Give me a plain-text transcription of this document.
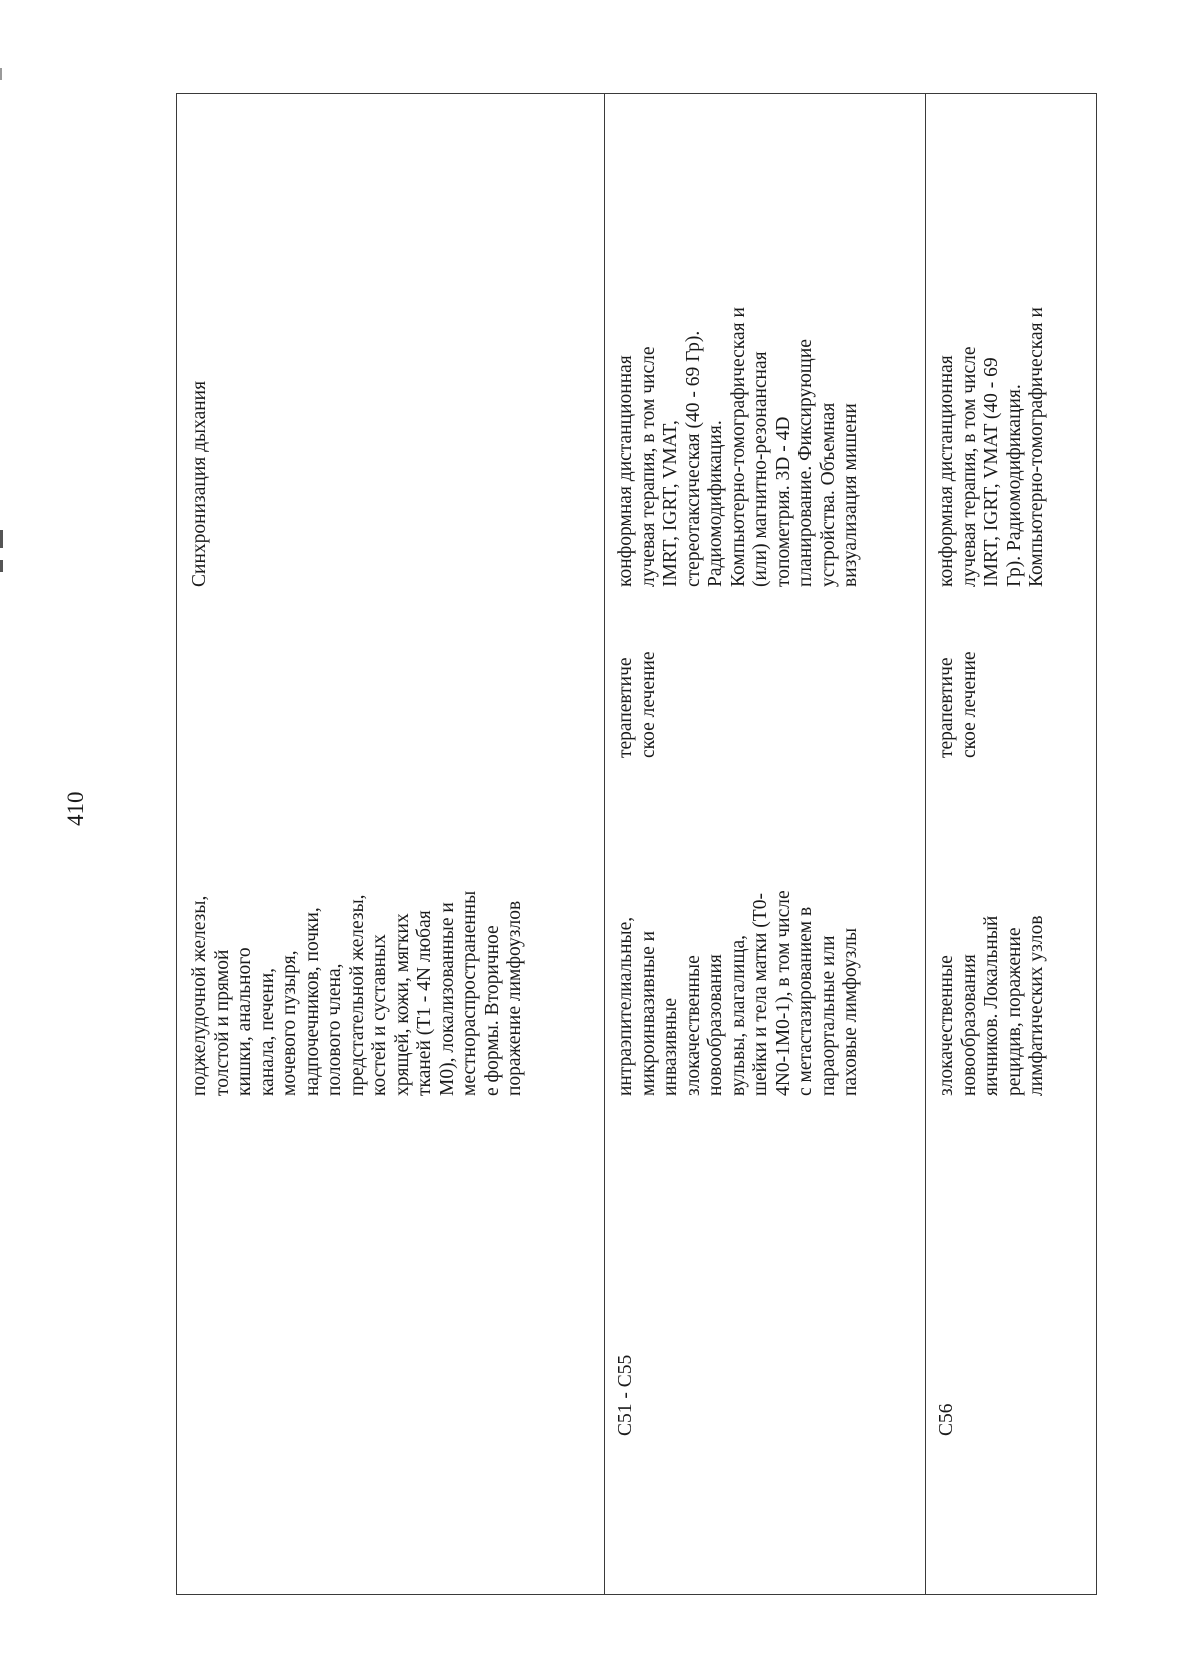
410
поджелудочной железы, толстой и прямой кишки, анального канала, печени, мочевого пузыря, надпочечников, почки, полового члена, предстательной железы, костей и суставных хрящей, кожи, мягких тканей (Т1 - 4N любая M0), локализованные и местнораспространенны е формы. Вторичное поражение лимфоузлов
Синхронизация дыхания
C51 - C55
интраэпителиальные, микроинвазивные и инвазивные злокачественные новообразования вульвы, влагалища, шейки и тела матки (Т0- 4N0-1M0-1), в том числе с метастазированием в параортальные или паховые лимфоузлы
терапевтиче ское лечение
конформная дистанционная лучевая терапия, в том числе IMRT, IGRT, VMAT, стереотаксическая (40 - 69 Гр). Радиомодификация. Компьютерно-томографическая и (или) магнитно-резонансная топометрия. 3D - 4D планирование. Фиксирующие устройства. Объемная визуализация мишени
C56
злокачественные новообразования яичников. Локальный рецидив, поражение лимфатических узлов
терапевтиче ское лечение
конформная дистанционная лучевая терапия, в том числе IMRT, IGRT, VMAT (40 - 69 Гр). Радиомодификация. Компьютерно-томографическая и
